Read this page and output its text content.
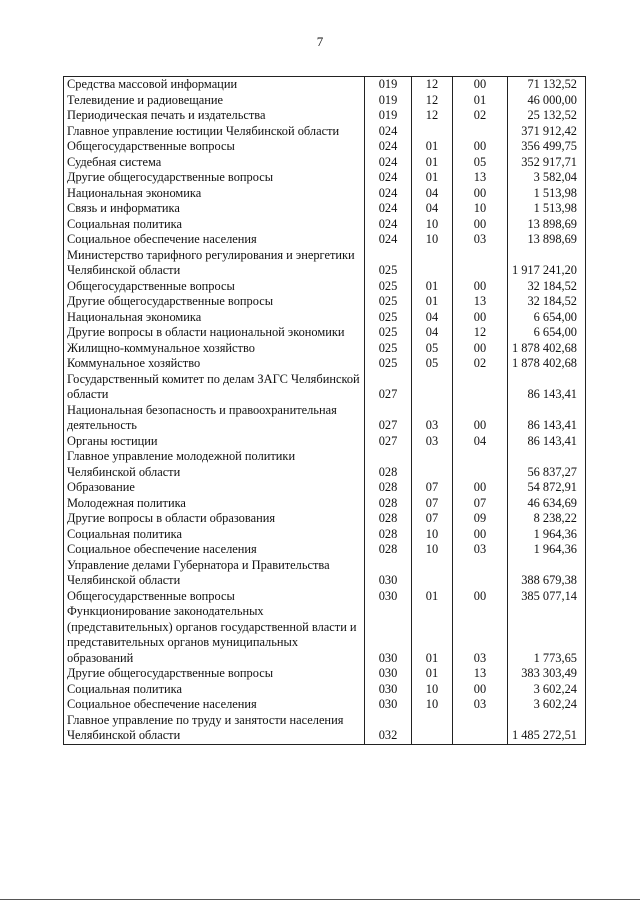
7
Средства массовой информации	019	12	00	71 132,52
Телевидение и радиовещание	019	12	01	46 000,00
Периодическая печать и издательства	019	12	02	25 132,52
Главное управление юстиции Челябинской области	024			371 912,42
Общегосударственные вопросы	024	01	00	356 499,75
Судебная система	024	01	05	352 917,71
Другие общегосударственные вопросы	024	01	13	3 582,04
Национальная экономика	024	04	00	1 513,98
Связь и информатика	024	04	10	1 513,98
Социальная политика	024	10	00	13 898,69
Социальное обеспечение населения	024	10	03	13 898,69
Министерство тарифного регулирования и энергетики Челябинской области	025			1 917 241,20
Общегосударственные вопросы	025	01	00	32 184,52
Другие общегосударственные вопросы	025	01	13	32 184,52
Национальная экономика	025	04	00	6 654,00
Другие вопросы в области национальной экономики	025	04	12	6 654,00
Жилищно-коммунальное хозяйство	025	05	00	1 878 402,68
Коммунальное хозяйство	025	05	02	1 878 402,68
Государственный комитет по делам ЗАГС Челябинской области	027			86 143,41
Национальная безопасность и правоохранительная деятельность	027	03	00	86 143,41
Органы юстиции	027	03	04	86 143,41
Главное управление молодежной политики Челябинской области	028			56 837,27
Образование	028	07	00	54 872,91
Молодежная политика	028	07	07	46 634,69
Другие вопросы в области образования	028	07	09	8 238,22
Социальная политика	028	10	00	1 964,36
Социальное обеспечение населения	028	10	03	1 964,36
Управление делами Губернатора и Правительства Челябинской области	030			388 679,38
Общегосударственные вопросы	030	01	00	385 077,14
Функционирование законодательных (представительных) органов государственной власти и представительных органов муниципальных образований	030	01	03	1 773,65
Другие общегосударственные вопросы	030	01	13	383 303,49
Социальная политика	030	10	00	3 602,24
Социальное обеспечение населения	030	10	03	3 602,24
Главное управление по труду и занятости населения Челябинской области	032			1 485 272,51
